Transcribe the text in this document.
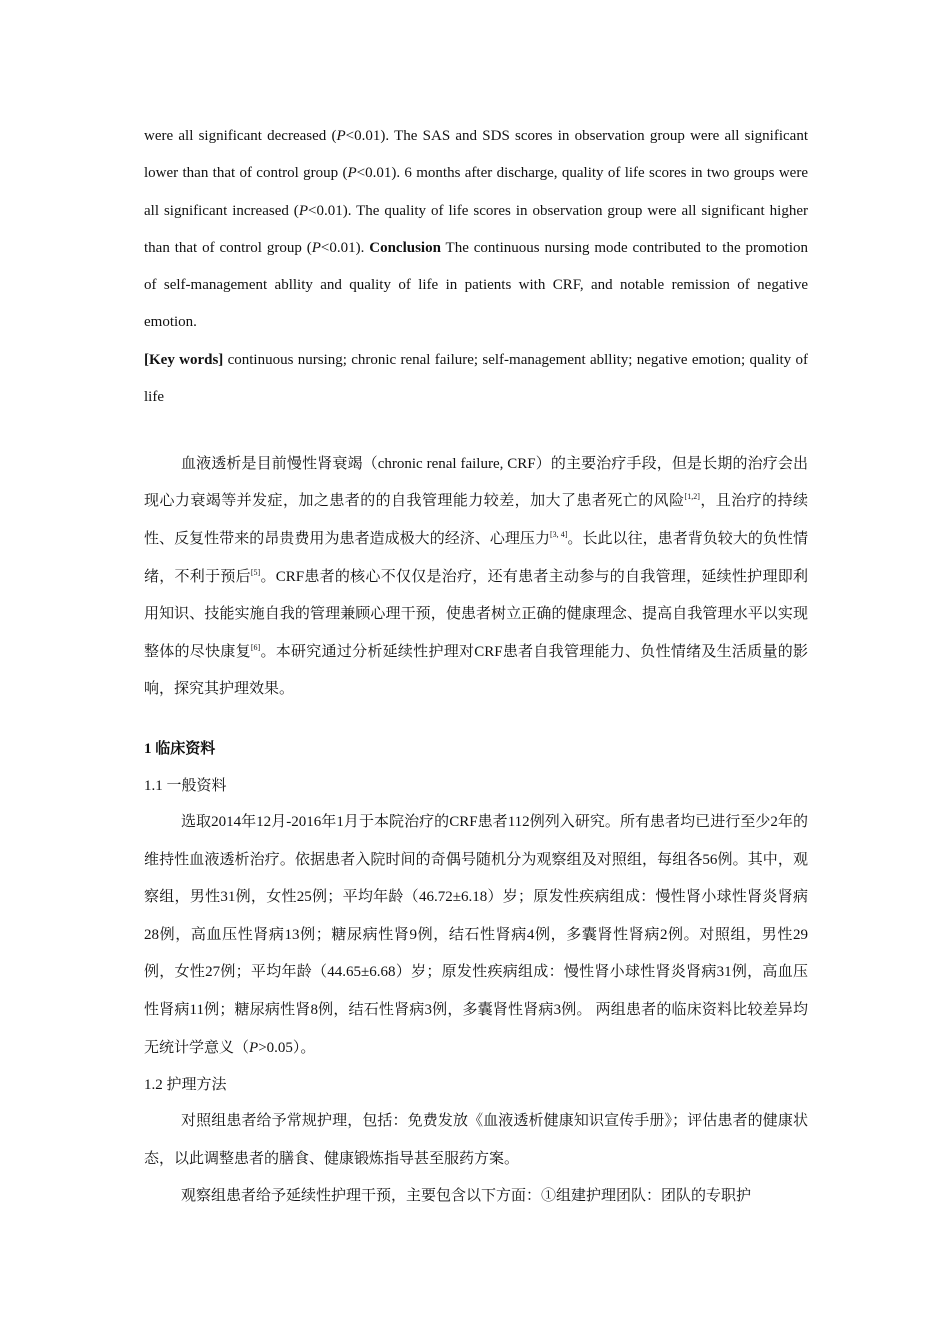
were all significant decreased (P<0.01). The SAS and SDS scores in observation group were all significant lower than that of control group (P<0.01). 6 months after discharge, quality of life scores in two groups were all significant increased (P<0.01). The quality of life scores in observation group were all significant higher than that of control group (P<0.01). Conclusion The continuous nursing mode contributed to the promotion of self-management abllity and quality of life in patients with CRF, and notable remission of negative emotion.

[Key words] continuous nursing; chronic renal failure; self-management abllity; negative emotion; quality of life

血液透析是目前慢性肾衰竭（chronic renal failure, CRF）的主要治疗手段，但是长期的治疗会出现心力衰竭等并发症，加之患者的的自我管理能力较差，加大了患者死亡的风险[1,2]，且治疗的持续性、反复性带来的昂贵费用为患者造成极大的经济、心理压力[3, 4]。长此以往，患者背负较大的负性情绪，不利于预后[5]。CRF患者的核心不仅仅是治疗，还有患者主动参与的自我管理，延续性护理即利用知识、技能实施自我的管理兼顾心理干预，使患者树立正确的健康理念、提高自我管理水平以实现整体的尽快康复[6]。本研究通过分析延续性护理对CRF患者自我管理能力、负性情绪及生活质量的影响，探究其护理效果。

1 临床资料
1.1 一般资料

选取2014年12月-2016年1月于本院治疗的CRF患者112例列入研究。所有患者均已进行至少2年的维持性血液透析治疗。依据患者入院时间的奇偶号随机分为观察组及对照组，每组各56例。其中，观察组，男性31例，女性25例；平均年龄（46.72±6.18）岁；原发性疾病组成：慢性肾小球性肾炎肾病28例，高血压性肾病13例；糖尿病性肾9例，结石性肾病4例，多囊肾性肾病2例。对照组，男性29例，女性27例；平均年龄（44.65±6.68）岁；原发性疾病组成：慢性肾小球性肾炎肾病31例，高血压性肾病11例；糖尿病性肾8例，结石性肾病3例，多囊肾性肾病3例。 两组患者的临床资料比较差异均无统计学意义（P>0.05）。

1.2 护理方法

对照组患者给予常规护理，包括：免费发放《血液透析健康知识宣传手册》；评估患者的健康状态，以此调整患者的膳食、健康锻炼指导甚至服药方案。

观察组患者给予延续性护理干预，主要包含以下方面：①组建护理团队：团队的专职护
